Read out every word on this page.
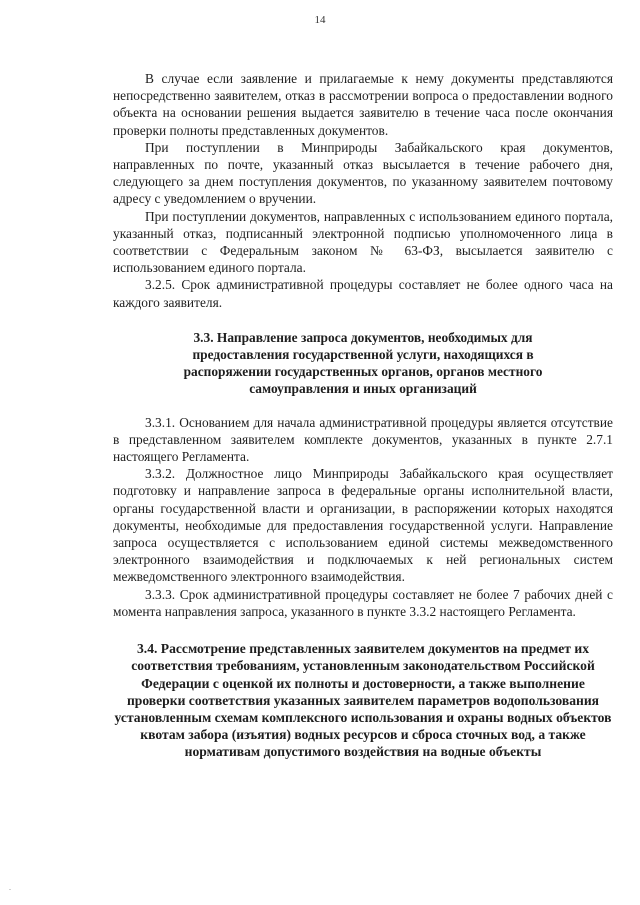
14

В случае если заявление и прилагаемые к нему документы представляются непосредственно заявителем, отказ в рассмотрении вопроса о предоставлении водного объекта на основании решения выдается заявителю в течение часа после окончания проверки полноты представленных документов.

При поступлении в Минприроды Забайкальского края документов, направленных по почте, указанный отказ высылается в течение рабочего дня, следующего за днем поступления документов, по указанному заявителем почтовому адресу с уведомлением о вручении.

При поступлении документов, направленных с использованием единого портала, указанный отказ, подписанный электронной подписью уполномоченного лица в соответствии с Федеральным законом № 63-ФЗ, высылается заявителю с использованием единого портала.

3.2.5. Срок административной процедуры составляет не более одного часа на каждого заявителя.

3.3. Направление запроса документов, необходимых для предоставления государственной услуги, находящихся в распоряжении государственных органов, органов местного самоуправления и иных организаций

3.3.1. Основанием для начала административной процедуры является отсутствие в представленном заявителем комплекте документов, указанных в пункте 2.7.1 настоящего Регламента.

3.3.2. Должностное лицо Минприроды Забайкальского края осуществляет подготовку и направление запроса в федеральные органы исполнительной власти, органы государственной власти и организации, в распоряжении которых находятся документы, необходимые для предоставления государственной услуги. Направление запроса осуществляется с использованием единой системы межведомственного электронного взаимодействия и подключаемых к ней региональных систем межведомственного электронного взаимодействия.

3.3.3. Срок административной процедуры составляет не более 7 рабочих дней с момента направления запроса, указанного в пункте 3.3.2 настоящего Регламента.

3.4. Рассмотрение представленных заявителем документов на предмет их соответствия требованиям, установленным законодательством Российской Федерации с оценкой их полноты и достоверности, а также выполнение проверки соответствия указанных заявителем параметров водопользования установленным схемам комплексного использования и охраны водных объектов квотам забора (изъятия) водных ресурсов и сброса сточных вод, а также нормативам допустимого воздействия на водные объекты

.
